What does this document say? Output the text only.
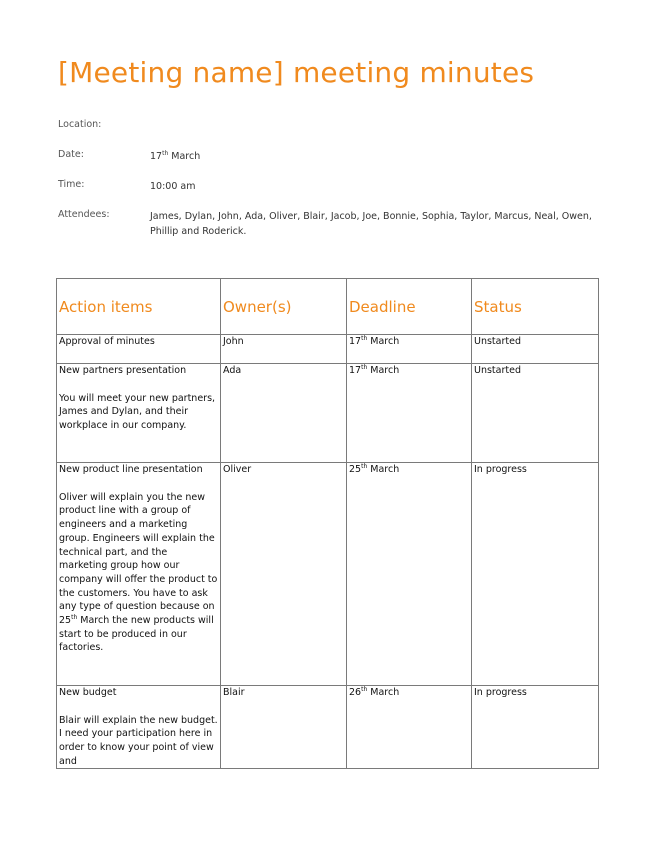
[Meeting name] meeting minutes
Location:
Date:	17th March
Time:	10:00 am
Attendees:	James, Dylan, John, Ada, Oliver, Blair, Jacob, Joe, Bonnie, Sophia, Taylor, Marcus, Neal, Owen, Phillip and Roderick.
Action items	Owner(s)	Deadline	Status

Approval of minutes	John	17th March	Unstarted

New partners presentation
You will meet your new partners, James and Dylan, and their workplace in our company.	Ada	17th March	Unstarted

New product line presentation
Oliver will explain you the new product line with a group of engineers and a marketing group. Engineers will explain the technical part, and the marketing group how our company will offer the product to the customers. You have to ask any type of question because on 25th March the new products will start to be produced in our factories.	Oliver	25th March	In progress

New budget
Blair will explain the new budget. I need your participation here in order to know your point of view and	Blair	26th March	In progress
